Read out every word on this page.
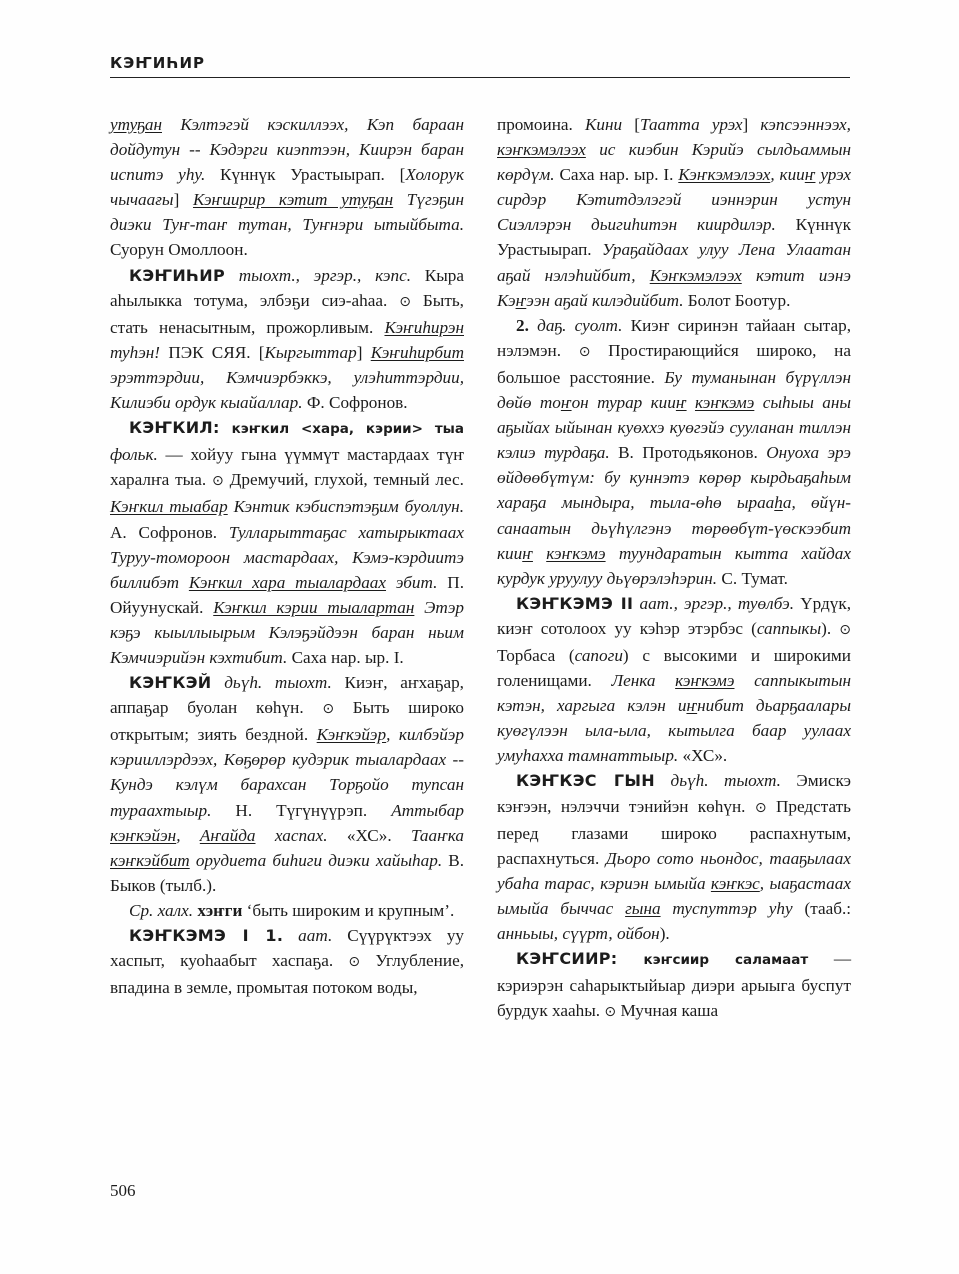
КЭҤИҺИР

утуҕан Кэлтэгэй кэскиллээх, Кэп бараан дойдутун -- Кэдэрги киэптээн, Киирэн баран испитэ уһу. Күннүк Урастыырап. [Холорук чычаағы] Кэҥиирир кэтит утуҕан Түгэҕин диэки Туҥ-таҥ тутан, Туҥнэри ытыйбыта. Суорун Омоллоон.

КЭҤИҺИР тыохт., эргэр., кэпс. Кыра аһылыкка тотума, элбэҕи сиэ-аһаа. ⊙ Быть, стать ненасытным, прожорливым. Кэҥиһирэн туһэн! ПЭК СЯЯ. [Кыргыттар] Кэҥиһирбит эрэттэрдии, Кэмчиэрбэккэ, улэһиттэрдии, Килиэби ордук кыайаллар. Ф. Софронов.

КЭҤКИЛ: кэҥкил <хара, кэрии> тыа фольк. — хойуу гына үүммүт мастардаах түҥ харалҥа тыа. ⊙ Дремучий, глухой, темный лес. Кэҥкил тыабар Кэнтик кэбиспэтэҕим буоллун. А. Софронов. Тулларыттаҕас хатырыктаах Туруу-томороон мастардаах, Кэмэ-кэрдиитэ биллибэт Кэҥкил хара тыалардаах эбит. П. Ойуунускай. Кэҥкил кэрии тыалартан Этэр кэҕэ кыыллыырым Кэлэҕэйдээн баран ньим Кэмчиэрийэн кэхтибит. Саха нар. ыр. I.

КЭҤКЭЙ дьүһ. тыохт. Киэҥ, аҥхаҕар, аппаҕар буолан көһүн. ⊙ Быть широко открытым; зиять бездной. Кэҥкэйэр, килбэйэр кэрииллэрдээх, Көҕөрөр кудэрик тыалардаах -- Кундэ кэлүм барахсан Торҕойо тупсан тураахтыыр. Н. Түгүнүүрэп. Аттыбар кэҥкэйэн, Аҥайда хаспах. «ХС». Тааҥка кэҥкэйбит орудиета биһиги диэки хайыһар. В. Быков (тылб.).

Ср. халх. хэҥги ‘быть широким и крупным’.

КЭҤКЭМЭ I 1. аат. Сүүрүктээх уу хаспыт, куоһаабыт хаспаҕа. ⊙ Углубление, впадина в земле, промытая потоком воды,

промоина. Кини [Таатта урэх] кэпсээннээх, кэҥкэмэлээх ис киэбин Кэрийэ сылдьаммын көрдүм. Саха нар. ыр. I. Кэҥкэмэлээх, кииҥ урэх сирдэр Кэтитдэлэгэй иэннэрин устун Сиэллэрэн дьигиһитэн киирдилэр. Күннүк Урастыырап. Ураҕайдаах улуу Лена Улаатан аҕай нэлэһийбит, Кэҥкэмэлээх кэтит иэнэ Кэҥээн аҕай килэдийбит. Болот Боотур.

2. даҕ. суолт. Киэҥ сиринэн тайаан сытар, нэлэмэн. ⊙ Простирающийся широко, на большое расстояние. Бу туманынан бүрүллэн дөйө тоҥон турар кииҥ кэҥкэмэ сыһыы аны аҕыйах ыйынан куөххэ куөгэйэ сууланан тиллэн кэлиэ турдаҕа. В. Протодьяконов. Онуоха эрэ өйдөөбүтүм: бу куннэтэ көрөр кырдьаҕаһым хараҕа мындыра, тыла-өһө ырааһа, өйүн-санаатын дьүһүлгэнэ төрөөбүт-үөскээбит кииҥ кэҥкэмэ туундаратын кытта хайдах курдук уруулуу дьүөрэлэһэрин. С. Тумат.

КЭҤКЭМЭ II аат., эргэр., туөлбэ. Үрдүк, киэҥ сотолоох уу кэһэр этэрбэс (саппыкы). ⊙ Торбаса (сапоги) с высокими и широкими голенищами. Ленка кэҥкэмэ саппыкытын кэтэн, харгыга кэлэн иҥнибит дьарҕаалары куөгүлээн ыла-ыла, кытылга баар уулаах умуһахха тамнаттыыр. «ХС».

КЭҤКЭС ГЫН дьүһ. тыохт. Эмискэ кэҥээн, нэлэччи тэнийэн көһүн. ⊙ Предстать перед глазами широко распахнутым, распахнуться. Дьоро сото ньондос, тааҕылаах убаһа тарас, кэриэн ымыйа кэҥкэс, ыаҕастаах ымыйа быччас гына туспуттэр уһу (тааб.: анньыы, сүүрт, ойбон).

КЭҤСИИР: кэҥсиир саламаат — кэриэрэн саһарыктыйыар диэри арыыга буспут бурдук хааһы. ⊙ Мучная каша

506
